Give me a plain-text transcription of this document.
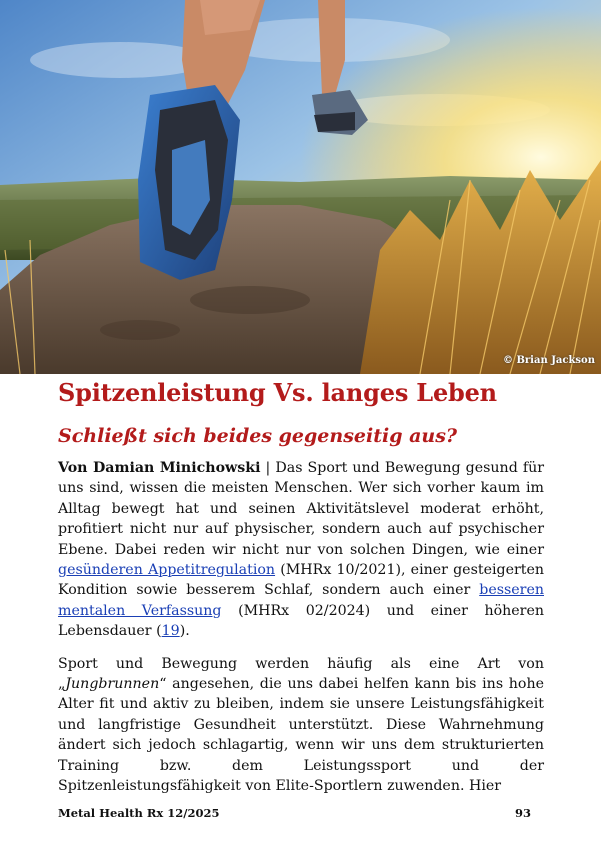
© Brian Jackson
Spitzenleistung Vs. langes Leben
Schließt sich beides gegenseitig aus?

Von Damian Minichowski | Das Sport und Bewegung gesund für uns sind, wissen die meisten Menschen. Wer sich vorher kaum im Alltag bewegt hat und seinen Aktivitätslevel moderat erhöht, profitiert nicht nur auf physischer, sondern auch auf psychischer Ebene. Dabei reden wir nicht nur von solchen Dingen, wie einer gesünderen Appetitregulation (MHRx 10/2021), einer gesteigerten Kondition sowie besserem Schlaf, sondern auch einer besseren mentalen Verfassung (MHRx 02/2024) und einer höheren Lebensdauer (19).

Sport und Bewegung werden häufig als eine Art von „Jungbrunnen“ angesehen, die uns dabei helfen kann bis ins hohe Alter fit und aktiv zu bleiben, indem sie unsere Leistungsfähigkeit und langfristige Gesundheit unterstützt. Diese Wahrnehmung ändert sich jedoch schlagartig, wenn wir uns dem strukturierten Training bzw. dem Leistungssport und der Spitzenleistungsfähigkeit von Elite-Sportlern zuwenden. Hier

Metal Health Rx 12/2025	93
